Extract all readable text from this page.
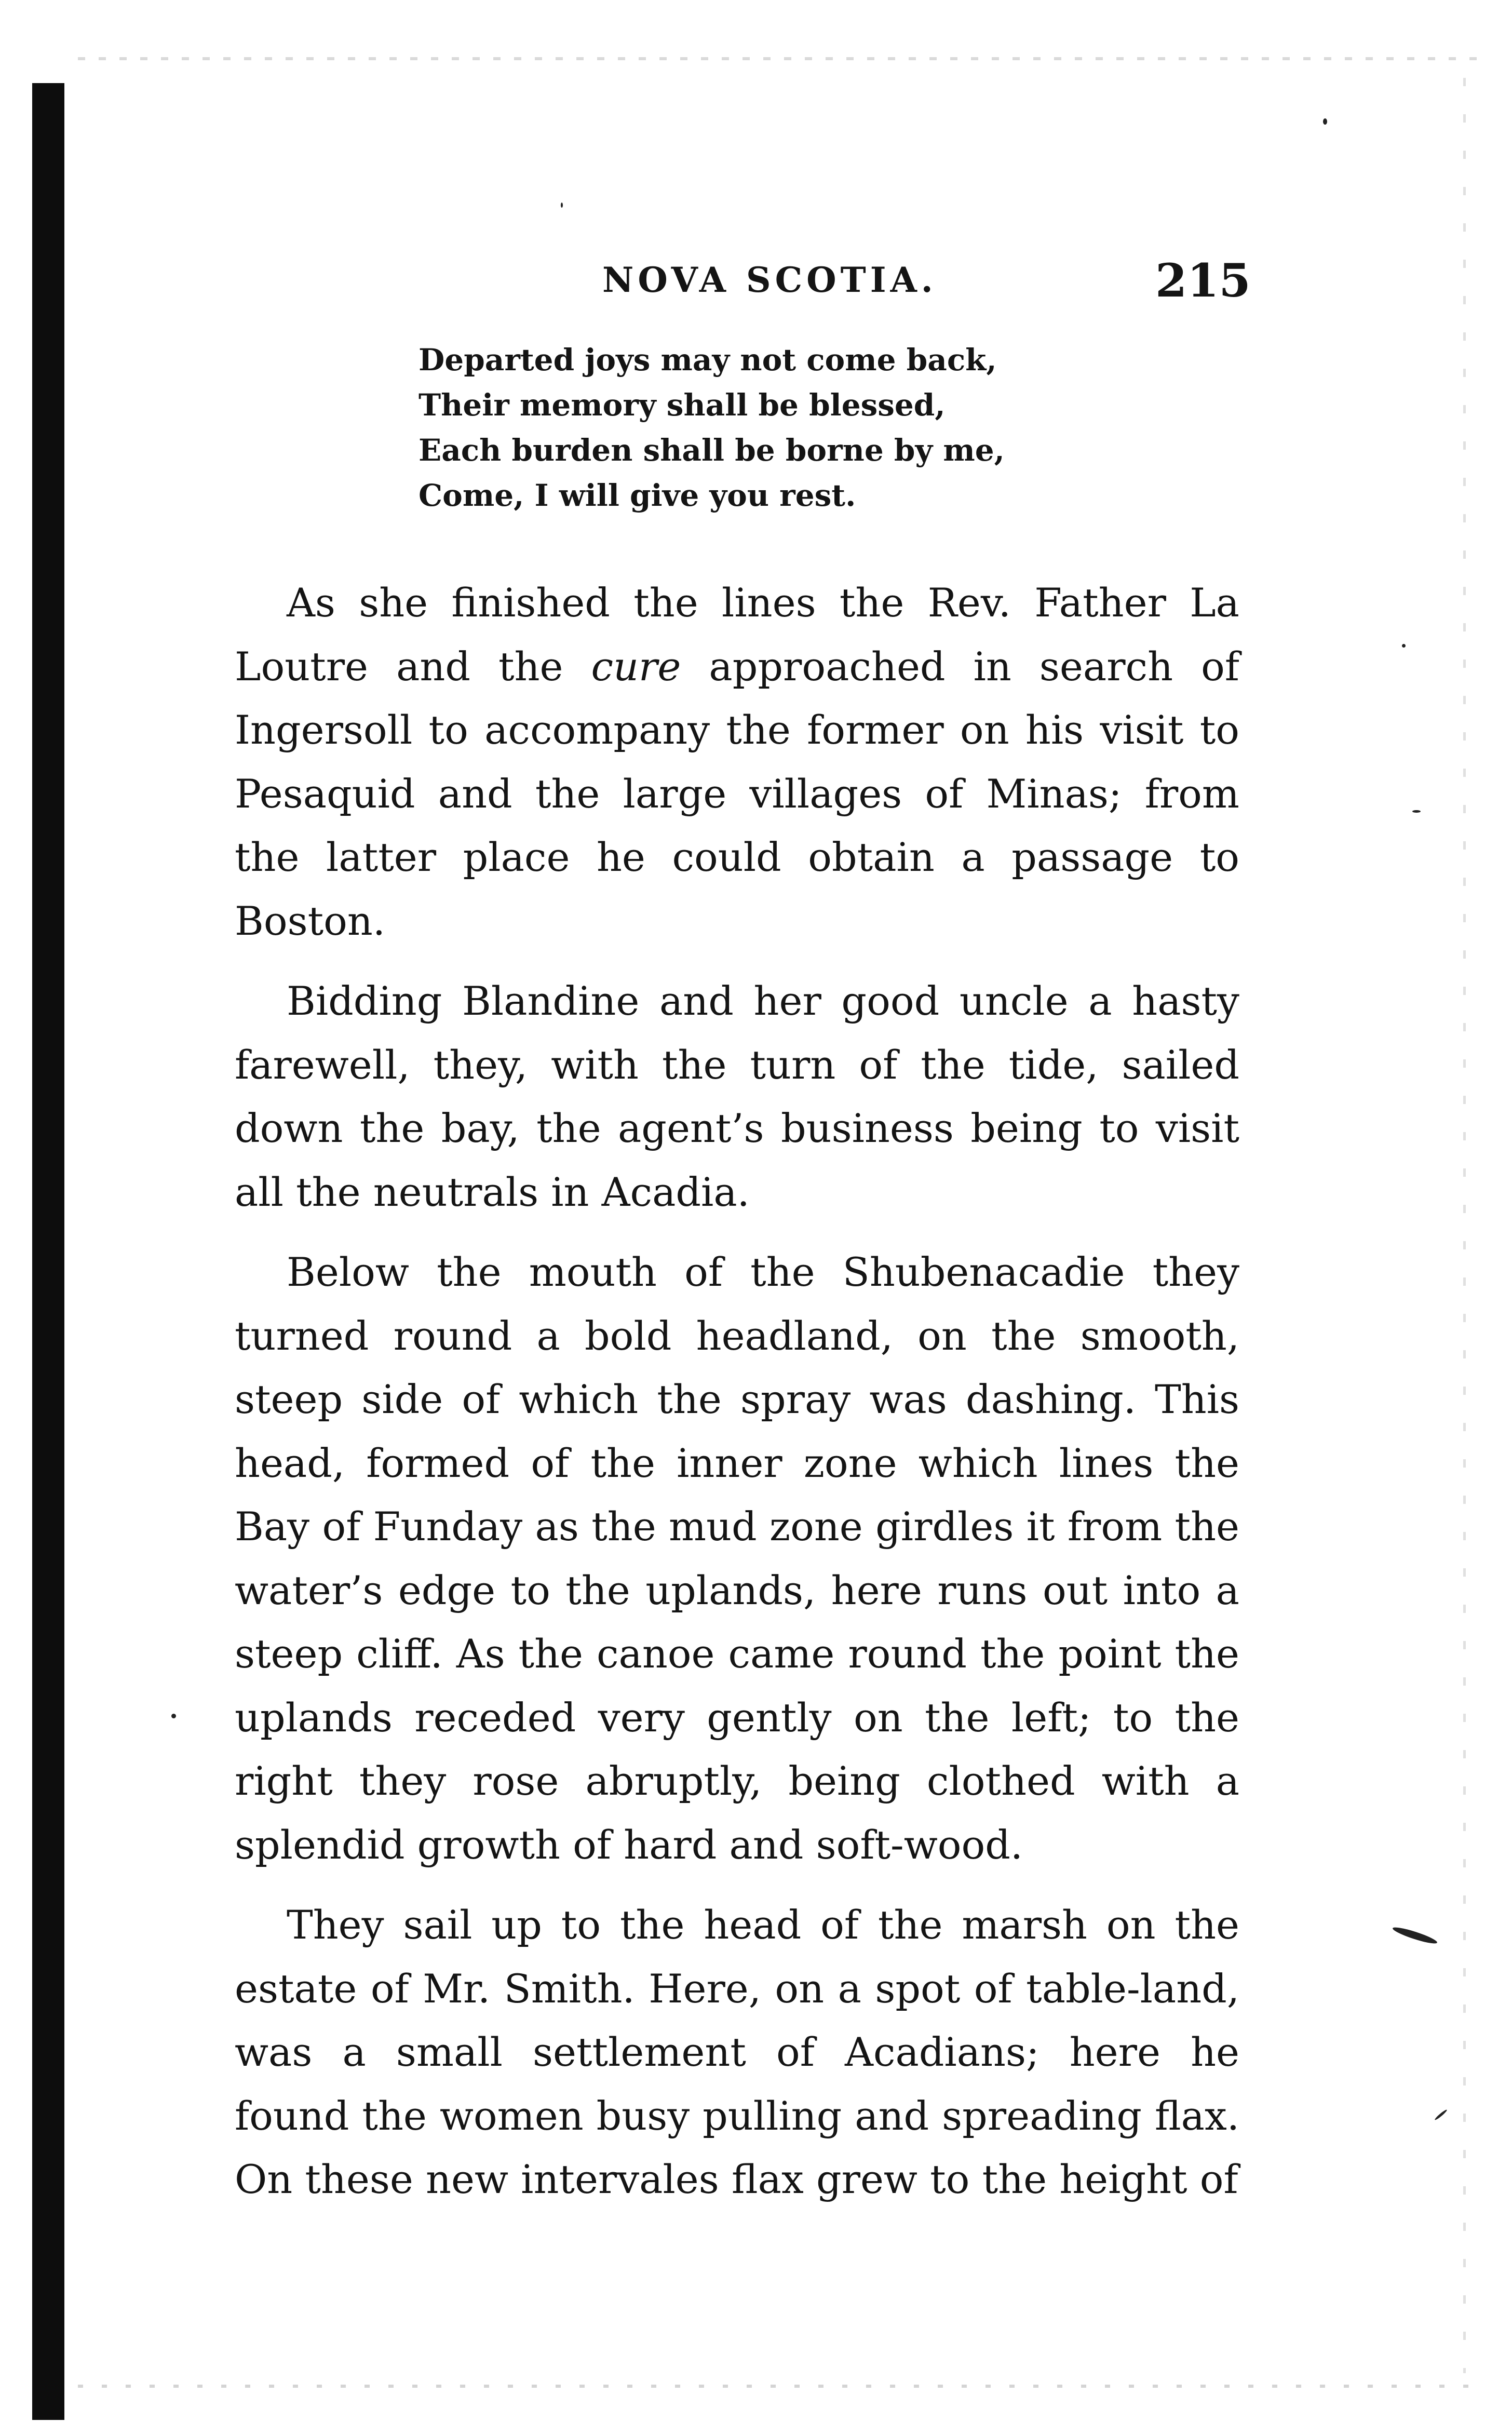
NOVA SCOTIA.	215
Departed joys may not come back,
Their memory shall be blessed,
Each burden shall be borne by me,
Come, I will give you rest.

As she finished the lines the Rev. Father La Loutre and the cure approached in search of Ingersoll to accompany the former on his visit to Pesaquid and the large villages of Minas; from the latter place he could obtain a passage to Boston.

Bidding Blandine and her good uncle a hasty farewell, they, with the turn of the tide, sailed down the bay, the agent’s business being to visit all the neutrals in Acadia.

Below the mouth of the Shubenacadie they turned round a bold headland, on the smooth, steep side of which the spray was dashing. This head, formed of the inner zone which lines the Bay of Funday as the mud zone girdles it from the water’s edge to the uplands, here runs out into a steep cliff. As the canoe came round the point the uplands receded very gently on the left; to the right they rose abruptly, being clothed with a splendid growth of hard and soft-wood.

They sail up to the head of the marsh on the estate of Mr. Smith. Here, on a spot of table-land, was a small settlement of Acadians; here he found the women busy pulling and spreading flax. On these new intervales flax grew to the height of
